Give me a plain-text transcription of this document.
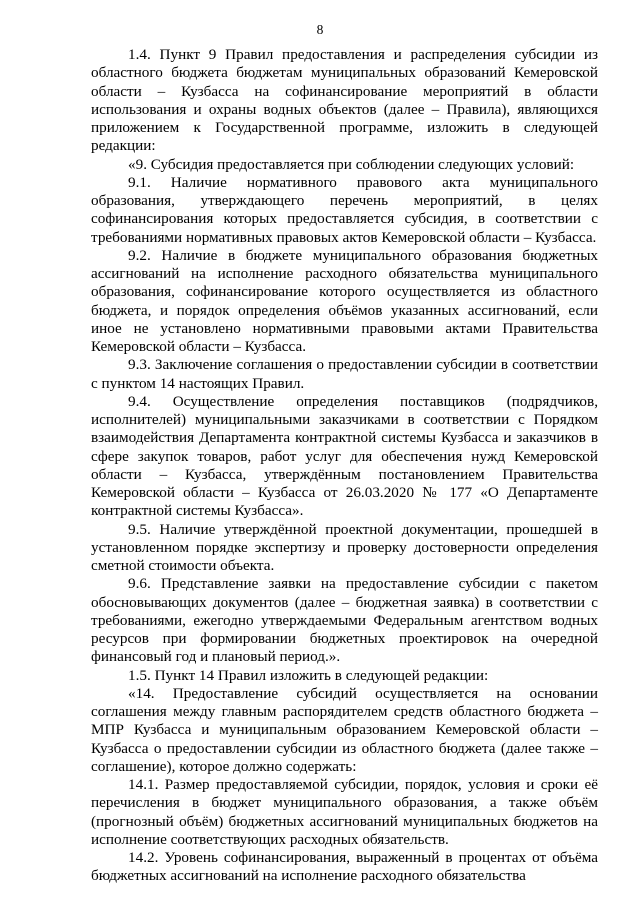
8

1.4. Пункт 9 Правил предоставления и распределения субсидии из областного бюджета бюджетам муниципальных образований Кемеровской области – Кузбасса на софинансирование мероприятий в области использования и охраны водных объектов (далее – Правила), являющихся приложением к Государственной программе, изложить в следующей редакции:

«9. Субсидия предоставляется при соблюдении следующих условий:

9.1. Наличие нормативного правового акта муниципального образования, утверждающего перечень мероприятий, в целях софинансирования которых предоставляется субсидия, в соответствии с требованиями нормативных правовых актов Кемеровской области – Кузбасса.

9.2. Наличие в бюджете муниципального образования бюджетных ассигнований на исполнение расходного обязательства муниципального образования, софинансирование которого осуществляется из областного бюджета, и порядок определения объёмов указанных ассигнований, если иное не установлено нормативными правовыми актами Правительства Кемеровской области – Кузбасса.

9.3. Заключение соглашения о предоставлении субсидии в соответствии с пунктом 14 настоящих Правил.

9.4. Осуществление определения поставщиков (подрядчиков, исполнителей) муниципальными заказчиками в соответствии с Порядком взаимодействия Департамента контрактной системы Кузбасса и заказчиков в сфере закупок товаров, работ услуг для обеспечения нужд Кемеровской области – Кузбасса, утверждённым постановлением Правительства Кемеровской области – Кузбасса от 26.03.2020 № 177 «О Департаменте контрактной системы Кузбасса».

9.5. Наличие утверждённой проектной документации, прошедшей в установленном порядке экспертизу и проверку достоверности определения сметной стоимости объекта.

9.6. Представление заявки на предоставление субсидии с пакетом обосновывающих документов (далее – бюджетная заявка) в соответствии с требованиями, ежегодно утверждаемыми Федеральным агентством водных ресурсов при формировании бюджетных проектировок на очередной финансовый год и плановый период.».

1.5. Пункт 14 Правил изложить в следующей редакции:

«14. Предоставление субсидий осуществляется на основании соглашения между главным распорядителем средств областного бюджета – МПР Кузбасса и муниципальным образованием Кемеровской области – Кузбасса о предоставлении субсидии из областного бюджета (далее также – соглашение), которое должно содержать:

14.1. Размер предоставляемой субсидии, порядок, условия и сроки её перечисления в бюджет муниципального образования, а также объём (прогнозный объём) бюджетных ассигнований муниципальных бюджетов на исполнение соответствующих расходных обязательств.

14.2. Уровень софинансирования, выраженный в процентах от объёма бюджетных ассигнований на исполнение расходного обязательства
